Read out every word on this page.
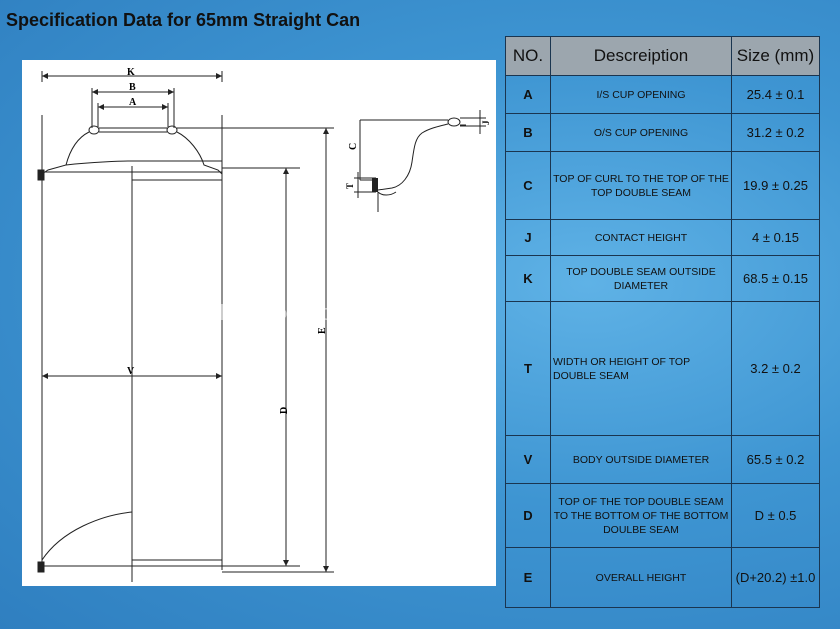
Specification Data for 65mm Straight Can
K
B
A
V
D
E
C
T
J
NO.	Descreiption	Size (mm)
A	I/S CUP OPENING	25.4 ± 0.1
B	O/S CUP OPENING	31.2 ± 0.2
C	TOP OF CURL TO THE TOP OF THE TOP DOUBLE SEAM	19.9 ± 0.25
J	CONTACT HEIGHT	4 ± 0.15
K	TOP DOUBLE SEAM OUTSIDE DIAMETER	68.5 ± 0.15
T	WIDTH OR HEIGHT OF TOP DOUBLE SEAM	3.2 ± 0.2
V	BODY OUTSIDE DIAMETER	65.5 ± 0.2
D	TOP OF THE TOP DOUBLE SEAM TO THE BOTTOM OF THE BOTTOM DOULBE SEAM	D ± 0.5
E	OVERALL HEIGHT	(D+20.2) ±1.0
chumboon-packaging.com
